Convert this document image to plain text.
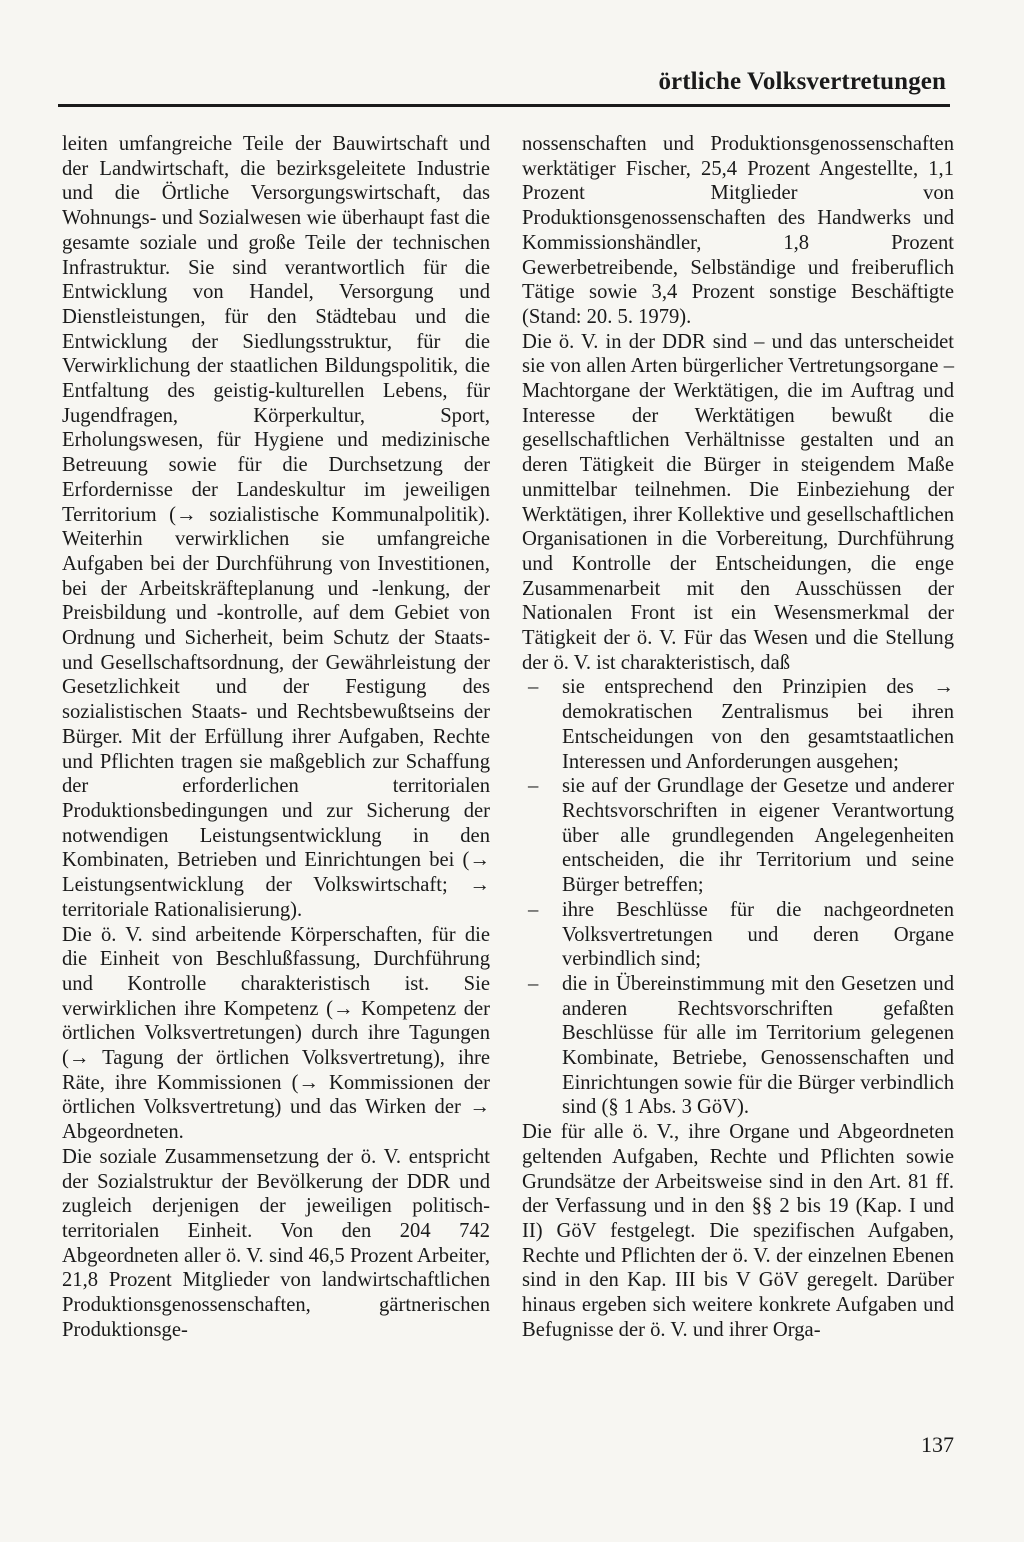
örtliche Volksvertretungen

leiten umfangreiche Teile der Bauwirtschaft und der Landwirtschaft, die bezirksgeleitete Industrie und die Örtliche Versorgungswirtschaft, das Wohnungs- und Sozialwesen wie überhaupt fast die gesamte soziale und große Teile der technischen Infrastruktur. Sie sind verantwortlich für die Entwicklung von Handel, Versorgung und Dienstleistungen, für den Städtebau und die Entwicklung der Siedlungsstruktur, für die Verwirklichung der staatlichen Bildungspolitik, die Entfaltung des geistig-kulturellen Lebens, für Jugendfragen, Körperkultur, Sport, Erholungswesen, für Hygiene und medizinische Betreuung sowie für die Durchsetzung der Erfordernisse der Landeskultur im jeweiligen Territorium (→ sozialistische Kommunalpolitik). Weiterhin verwirklichen sie umfangreiche Aufgaben bei der Durchführung von Investitionen, bei der Arbeitskräfteplanung und -lenkung, der Preisbildung und -kontrolle, auf dem Gebiet von Ordnung und Sicherheit, beim Schutz der Staats- und Gesellschaftsordnung, der Gewährleistung der Gesetzlichkeit und der Festigung des sozialistischen Staats- und Rechtsbewußtseins der Bürger. Mit der Erfüllung ihrer Aufgaben, Rechte und Pflichten tragen sie maßgeblich zur Schaffung der erforderlichen territorialen Produktionsbedingungen und zur Sicherung der notwendigen Leistungsentwicklung in den Kombinaten, Betrieben und Einrichtungen bei (→ Leistungsentwicklung der Volkswirtschaft; → territoriale Rationalisierung).

Die ö. V. sind arbeitende Körperschaften, für die die Einheit von Beschlußfassung, Durchführung und Kontrolle charakteristisch ist. Sie verwirklichen ihre Kompetenz (→ Kompetenz der örtlichen Volksvertretungen) durch ihre Tagungen (→ Tagung der örtlichen Volksvertretung), ihre Räte, ihre Kommissionen (→ Kommissionen der örtlichen Volksvertretung) und das Wirken der → Abgeordneten.

Die soziale Zusammensetzung der ö. V. entspricht der Sozialstruktur der Bevölkerung der DDR und zugleich derjenigen der jeweiligen politisch-territorialen Einheit. Von den 204 742 Abgeordneten aller ö. V. sind 46,5 Prozent Arbeiter, 21,8 Prozent Mitglieder von landwirtschaftlichen Produktionsgenossenschaften, gärtnerischen Produktionsge-

nossenschaften und Produktionsgenossenschaften werktätiger Fischer, 25,4 Prozent Angestellte, 1,1 Prozent Mitglieder von Produktionsgenossenschaften des Handwerks und Kommissionshändler, 1,8 Prozent Gewerbetreibende, Selbständige und freiberuflich Tätige sowie 3,4 Prozent sonstige Beschäftigte (Stand: 20. 5. 1979).

Die ö. V. in der DDR sind – und das unterscheidet sie von allen Arten bürgerlicher Vertretungsorgane – Machtorgane der Werktätigen, die im Auftrag und Interesse der Werktätigen bewußt die gesellschaftlichen Verhältnisse gestalten und an deren Tätigkeit die Bürger in steigendem Maße unmittelbar teilnehmen. Die Einbeziehung der Werktätigen, ihrer Kollektive und gesellschaftlichen Organisationen in die Vorbereitung, Durchführung und Kontrolle der Entscheidungen, die enge Zusammenarbeit mit den Ausschüssen der Nationalen Front ist ein Wesensmerkmal der Tätigkeit der ö. V. Für das Wesen und die Stellung der ö. V. ist charakteristisch, daß

– sie entsprechend den Prinzipien des → demokratischen Zentralismus bei ihren Entscheidungen von den gesamtstaatlichen Interessen und Anforderungen ausgehen;
– sie auf der Grundlage der Gesetze und anderer Rechtsvorschriften in eigener Verantwortung über alle grundlegenden Angelegenheiten entscheiden, die ihr Territorium und seine Bürger betreffen;
– ihre Beschlüsse für die nachgeordneten Volksvertretungen und deren Organe verbindlich sind;
– die in Übereinstimmung mit den Gesetzen und anderen Rechtsvorschriften gefaßten Beschlüsse für alle im Territorium gelegenen Kombinate, Betriebe, Genossenschaften und Einrichtungen sowie für die Bürger verbindlich sind (§ 1 Abs. 3 GöV).

Die für alle ö. V., ihre Organe und Abgeordneten geltenden Aufgaben, Rechte und Pflichten sowie Grundsätze der Arbeitsweise sind in den Art. 81 ff. der Verfassung und in den §§ 2 bis 19 (Kap. I und II) GöV festgelegt. Die spezifischen Aufgaben, Rechte und Pflichten der ö. V. der einzelnen Ebenen sind in den Kap. III bis V GöV geregelt. Darüber hinaus ergeben sich weitere konkrete Aufgaben und Befugnisse der ö. V. und ihrer Orga-

137
